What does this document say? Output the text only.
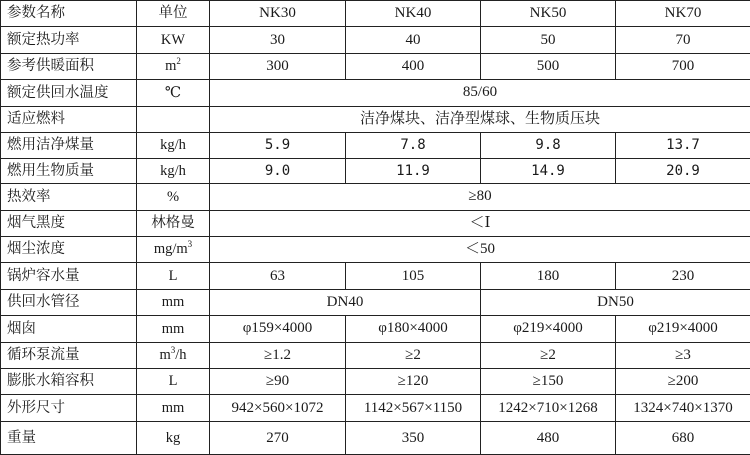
参数名称	单位	NK30	NK40	NK50	NK70
额定热功率	KW	30	40	50	70
参考供暖面积	$m^2$	300	400	500	700
额定供回水温度	℃	85/60			
适应燃料		洁净煤块、洁净型煤球、生物质压块			
燃用洁净煤量	kg/h	5.9	7.8	9.8	13.7
燃用生物质量	kg/h	9.0	11.9	14.9	20.9
热效率	%	≥80			
烟气黑度	林格曼	＜Ⅰ			
烟尘浓度	$mg/m^3$	＜50			
锅炉容水量	L	63	105	180	230
供回水管径	mm	DN40		DN50	
烟囱	mm	φ159×4000	φ180×4000	φ219×4000	φ219×4000
循环泵流量	$m^3/h$	≥1.2	≥2	≥2	≥3
膨胀水箱容积	L	≥90	≥120	≥150	≥200
外形尺寸	mm	942×560×1072	1142×567×1150	1242×710×1268	1324×740×1370
重量	kg	270	350	480	680
